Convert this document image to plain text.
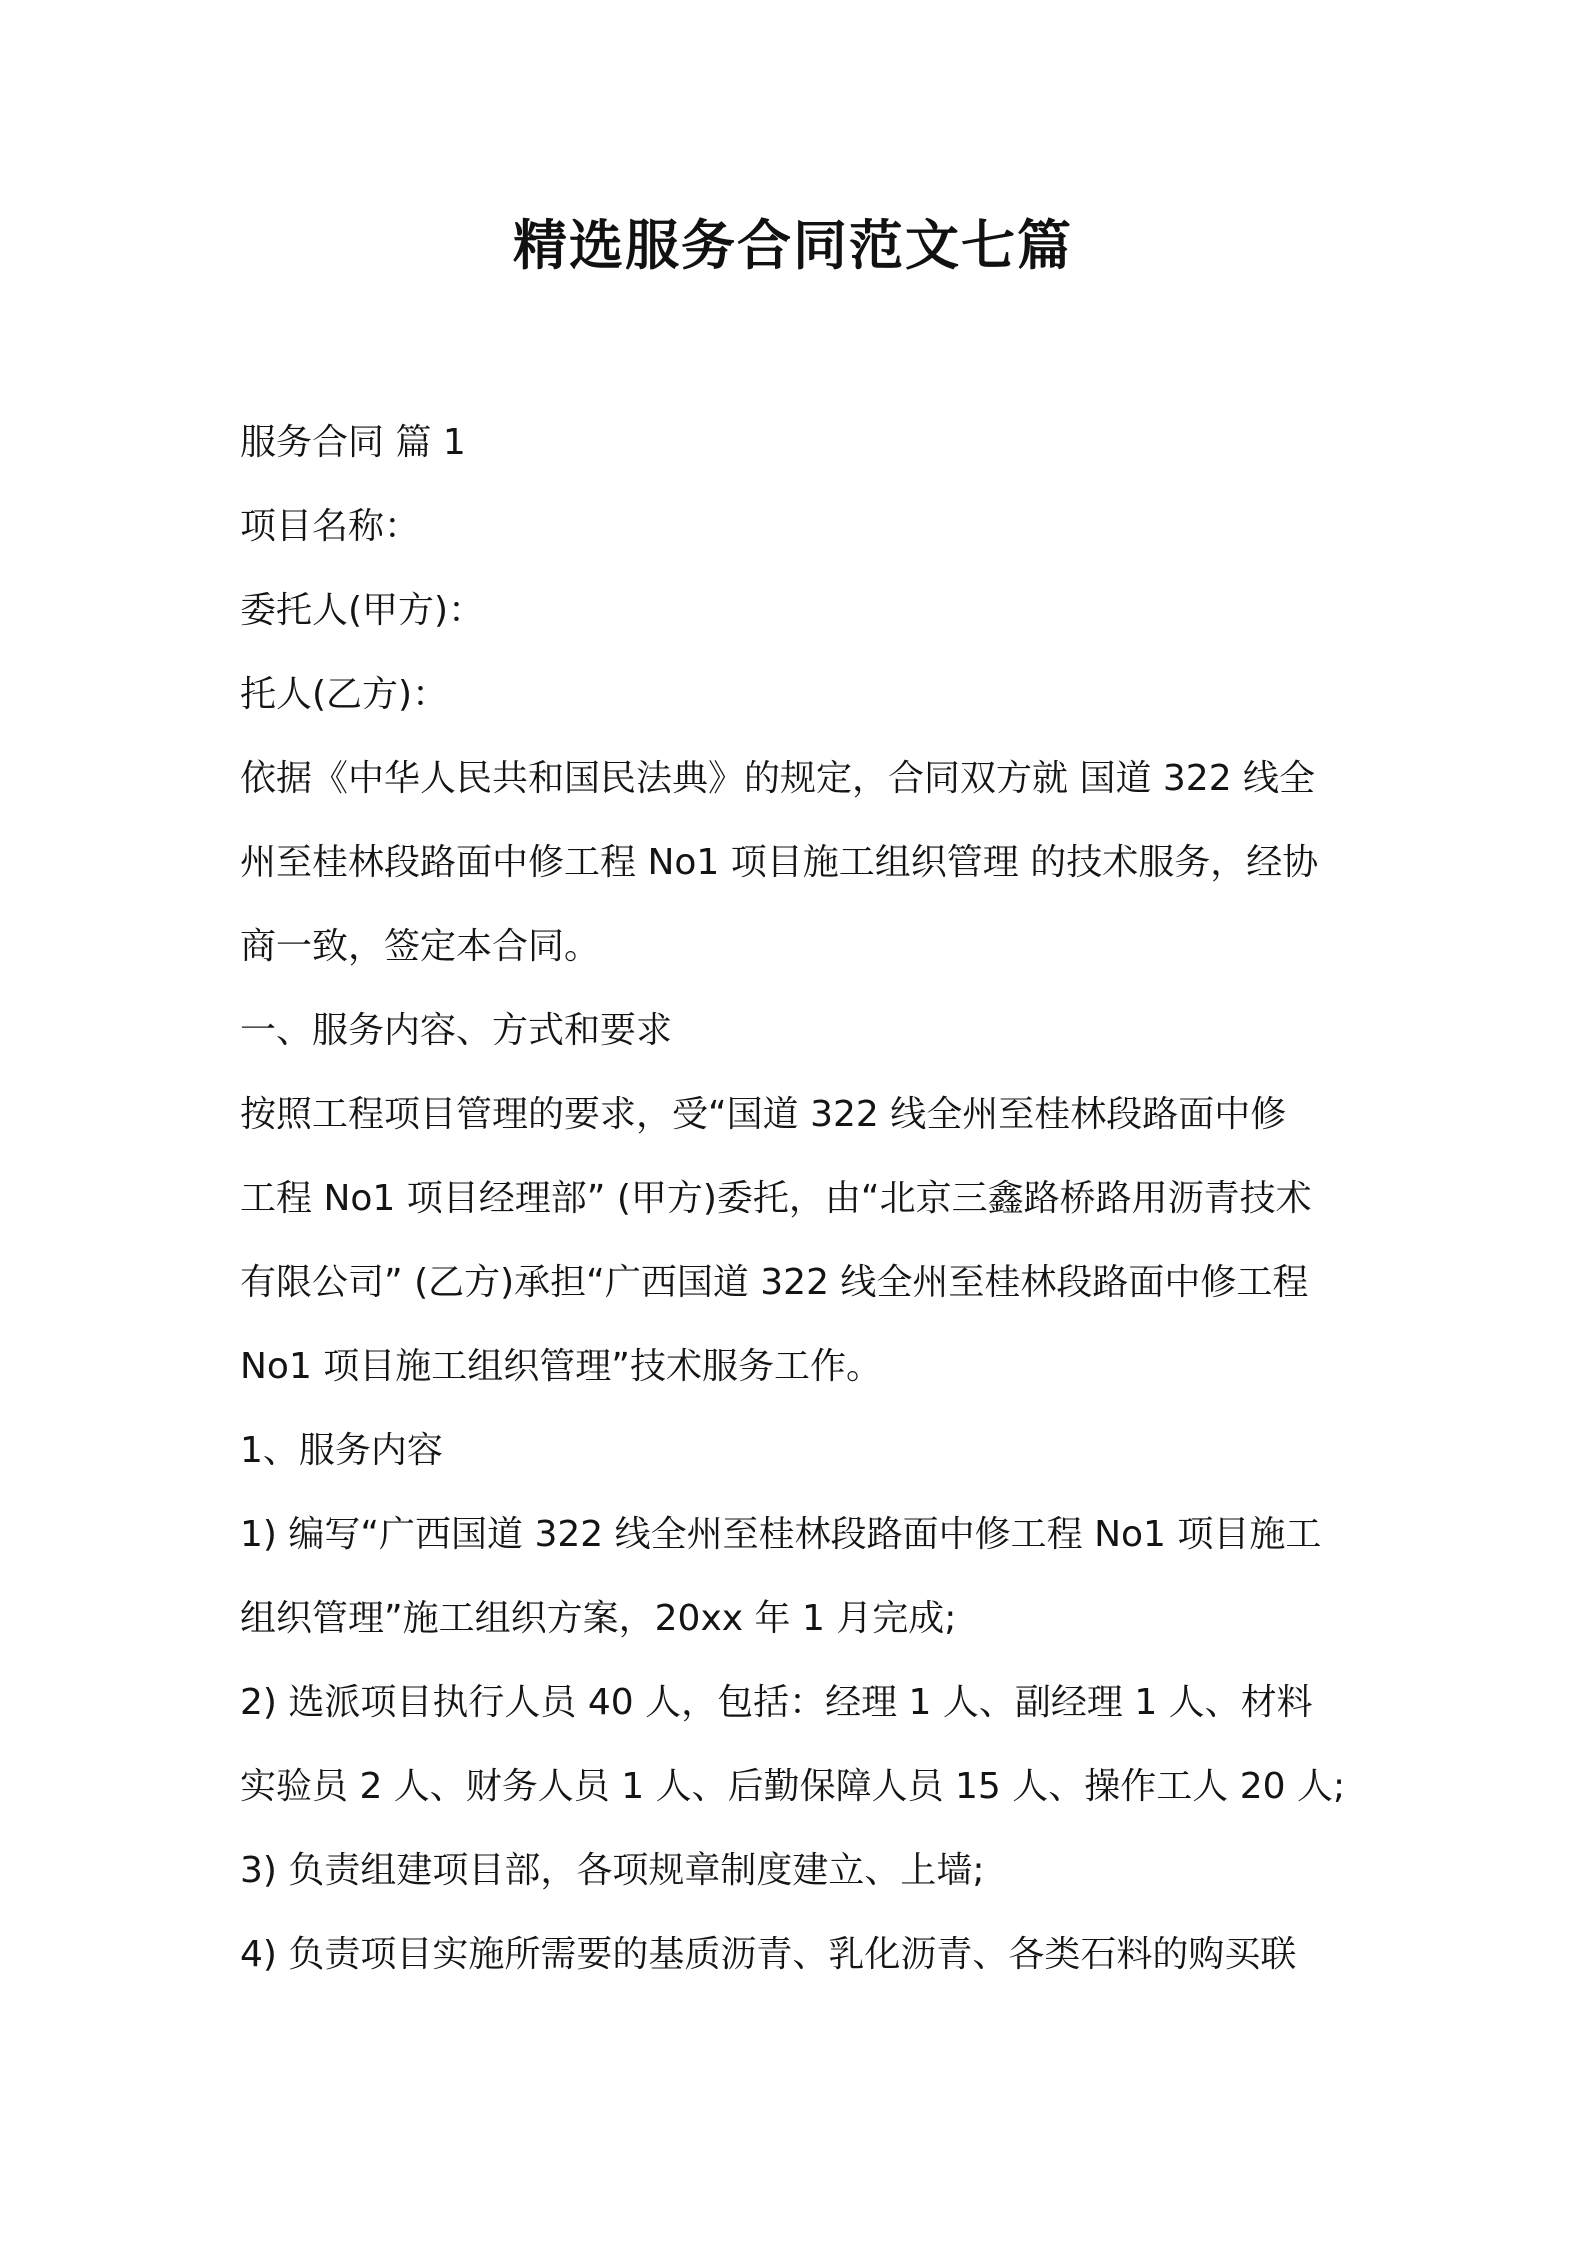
精选服务合同范文七篇
服务合同 篇 1
项目名称：
委托人(甲方)：
托人(乙方)：
依据《中华人民共和国民法典》的规定，合同双方就 国道 322 线全
州至桂林段路面中修工程 No1 项目施工组织管理 的技术服务，经协
商一致，签定本合同。
一、服务内容、方式和要求
按照工程项目管理的要求，受“国道 322 线全州至桂林段路面中修
工程 No1 项目经理部” (甲方)委托，由“北京三鑫路桥路用沥青技术
有限公司” (乙方)承担“广西国道 322 线全州至桂林段路面中修工程
No1 项目施工组织管理”技术服务工作。
1、服务内容
1) 编写“广西国道 322 线全州至桂林段路面中修工程 No1 项目施工
组织管理”施工组织方案，20xx 年 1 月完成;
2) 选派项目执行人员 40 人，包括：经理 1 人、副经理 1 人、材料
实验员 2 人、财务人员 1 人、后勤保障人员 15 人、操作工人 20 人;
3) 负责组建项目部，各项规章制度建立、上墙;
4) 负责项目实施所需要的基质沥青、乳化沥青、各类石料的购买联
